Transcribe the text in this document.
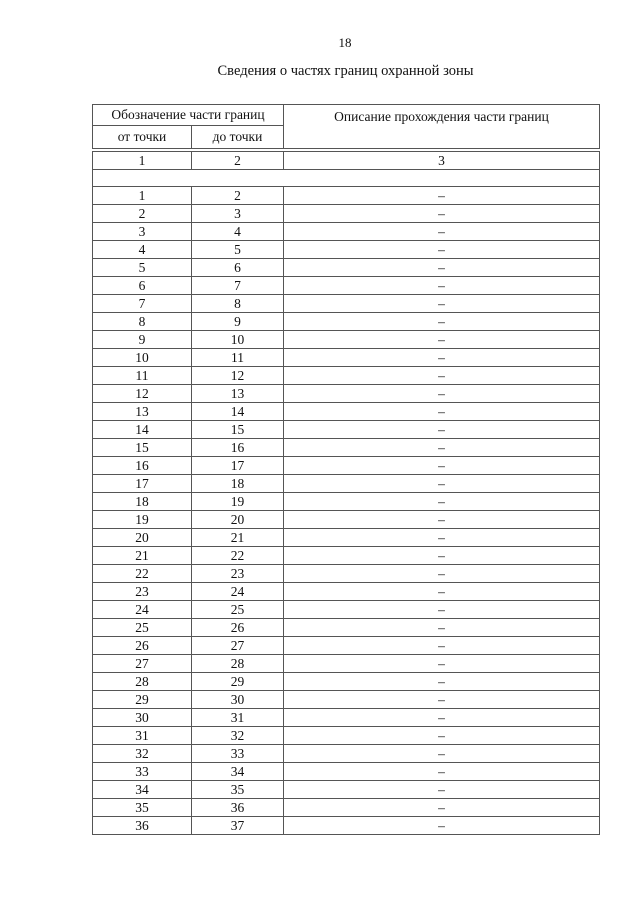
18
Сведения о частях границ охранной зоны
Обозначение части границ		Описание прохождения части границ
от точки	до точки	

1	2	3

1	2	–
2	3	–
3	4	–
4	5	–
5	6	–
6	7	–
7	8	–
8	9	–
9	10	–
10	11	–
11	12	–
12	13	–
13	14	–
14	15	–
15	16	–
16	17	–
17	18	–
18	19	–
19	20	–
20	21	–
21	22	–
22	23	–
23	24	–
24	25	–
25	26	–
26	27	–
27	28	–
28	29	–
29	30	–
30	31	–
31	32	–
32	33	–
33	34	–
34	35	–
35	36	–
36	37	–
